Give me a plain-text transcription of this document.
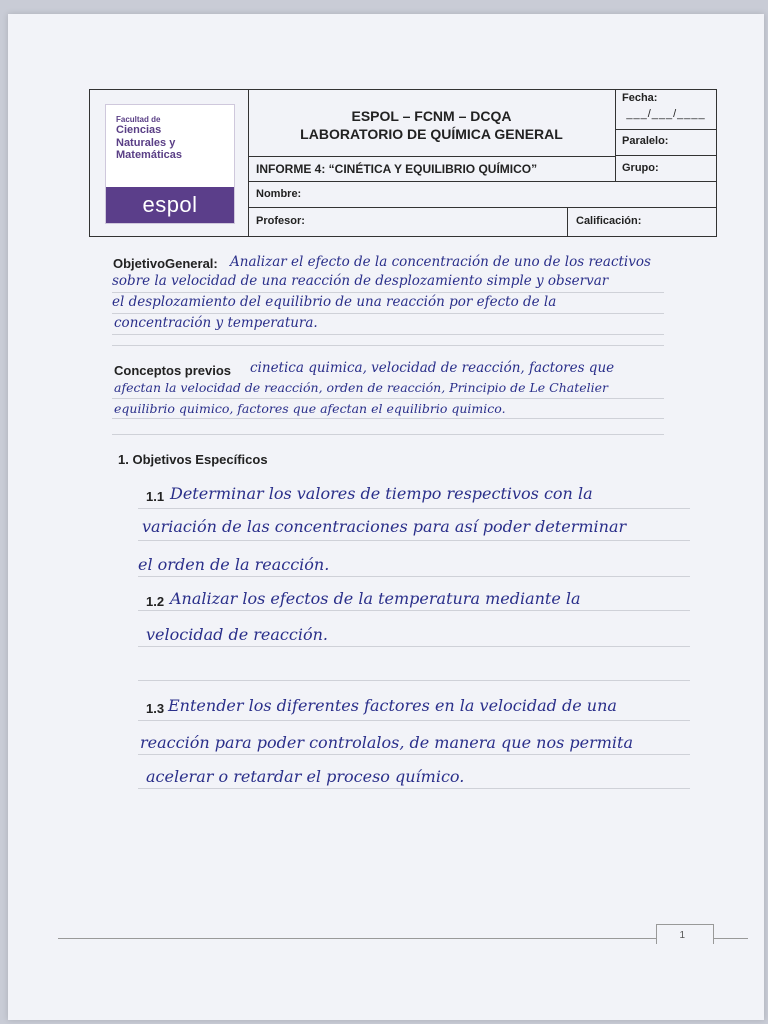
Facultad de
Ciencias
Naturales y
Matemáticas
espol
ESPOL – FCNM – DCQA
LABORATORIO DE QUÍMICA GENERAL
Fecha:
___/___/____
Paralelo:
INFORME 4: “CINÉTICA Y EQUILIBRIO QUÍMICO”	Grupo:
Nombre:
Profesor:	Calificación:
ObjetivoGeneral: Analizar el efecto de la concentración de uno de los reactivos
sobre la velocidad de una reacción de desplozamiento simple y observar
el desplozamiento del equilibrio de una reacción por efecto de la
concentración y temperatura.
Conceptos previos cinetica quimica, velocidad de reacción, factores que
afectan la velocidad de reacción, orden de reacción, Principio de Le Chatelier
equilibrio quimico, factores que afectan el equilibrio quimico.
1. Objetivos Específicos
1.1 Determinar los valores de tiempo respectivos con la
variación de las concentraciones para así poder determinar
el orden de la reacción.
1.2 Analizar los efectos de la temperatura mediante la
velocidad de reacción.
1.3 Entender los diferentes factores en la velocidad de una
reacción para poder controlalos, de manera que nos permita
acelerar o retardar el proceso químico.
1
